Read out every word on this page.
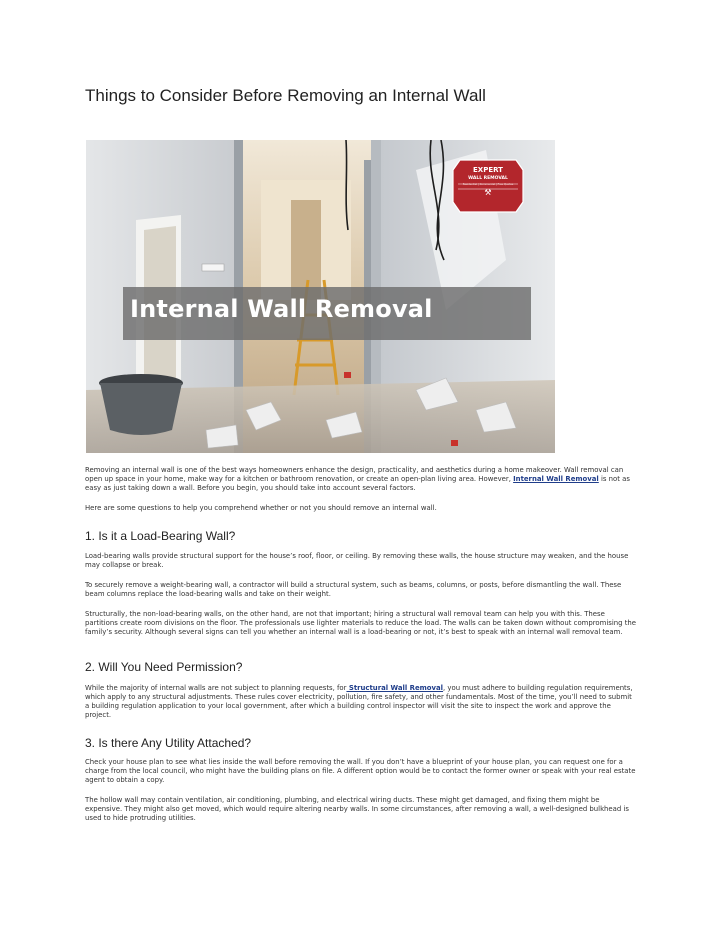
Things to Consider Before Removing an Internal Wall
Internal Wall Removal
EXPERT
WALL REMOVAL
Residential | Commercial | Free Quotes
⚒

Removing an internal wall is one of the best ways homeowners enhance the design, practicality, and aesthetics during a home makeover. Wall removal can open up space in your home, make way for a kitchen or bathroom renovation, or create an open-plan living area. However, Internal Wall Removal is not as easy as just taking down a wall. Before you begin, you should take into account several factors.

Here are some questions to help you comprehend whether or not you should remove an internal wall.

1. Is it a Load-Bearing Wall?

Load-bearing walls provide structural support for the house’s roof, floor, or ceiling. By removing these walls, the house structure may weaken, and the house may collapse or break.

To securely remove a weight-bearing wall, a contractor will build a structural system, such as beams, columns, or posts, before dismantling the wall. These beam columns replace the load-bearing walls and take on their weight.

Structurally, the non-load-bearing walls, on the other hand, are not that important; hiring a structural wall removal team can help you with this. These partitions create room divisions on the floor. The professionals use lighter materials to reduce the load. The walls can be taken down without compromising the family’s security. Although several signs can tell you whether an internal wall is a load-bearing or not, it’s best to speak with an internal wall removal team.

2. Will You Need Permission?

While the majority of internal walls are not subject to planning requests, for Structural Wall Removal, you must adhere to building regulation requirements, which apply to any structural adjustments. These rules cover electricity, pollution, fire safety, and other fundamentals. Most of the time, you’ll need to submit a building regulation application to your local government, after which a building control inspector will visit the site to inspect the work and approve the project.

3. Is there Any Utility Attached?

Check your house plan to see what lies inside the wall before removing the wall. If you don’t have a blueprint of your house plan, you can request one for a charge from the local council, who might have the building plans on file. A different option would be to contact the former owner or speak with your real estate agent to obtain a copy.

The hollow wall may contain ventilation, air conditioning, plumbing, and electrical wiring ducts. These might get damaged, and fixing them might be expensive. They might also get moved, which would require altering nearby walls. In some circumstances, after removing a wall, a well-designed bulkhead is used to hide protruding utilities.
